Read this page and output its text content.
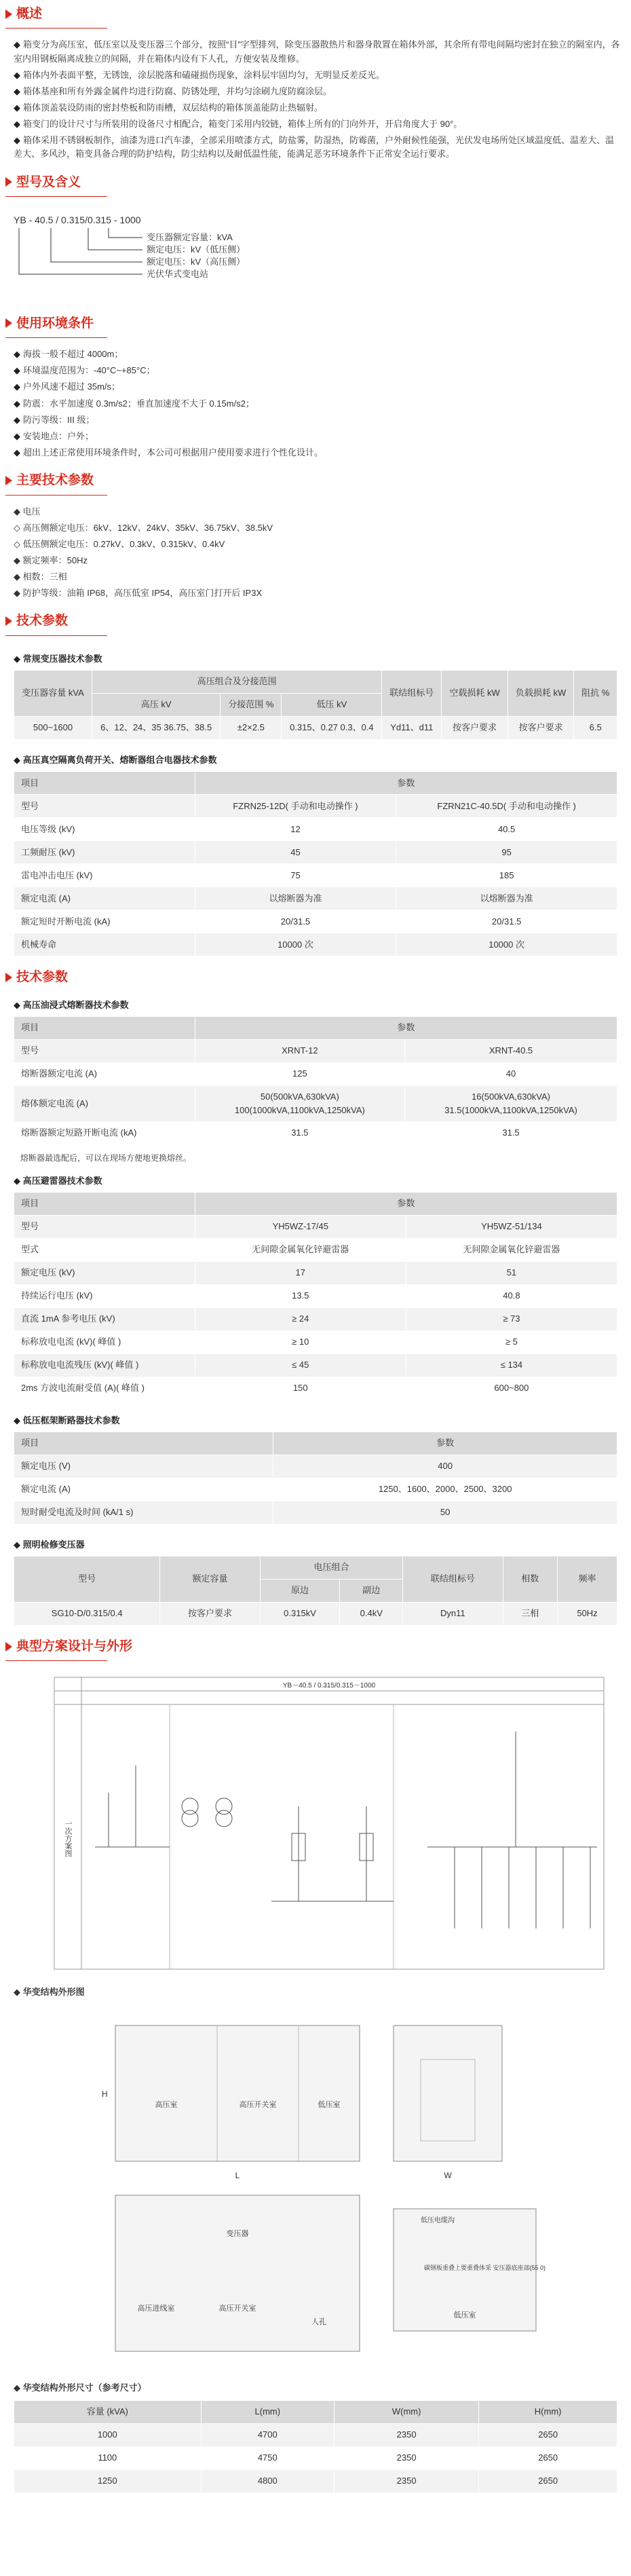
概述
◆ 箱变分为高压室，低压室以及变压器三个部分，按照“目”字型排列，除变压器散热片和器身散置在箱体外部，其余所有带电间隔均密封在独立的隔室内，各室内用钢板隔离成独立的间隔，并在箱体内设有下人孔，方便安装及维修。
◆ 箱体内外表面平整，无锈蚀，涂层脱落和磕碰损伤现象，涂料层牢固均匀，无明显反差反光。
◆ 箱体基座和所有外露金属件均进行防腐、防锈处理，并均匀涂刷九度防腐涂层。
◆ 箱体顶盖装设防雨的密封垫板和防雨槽，双层结构的箱体顶盖能防止热辐射。
◆ 箱变门的设计尺寸与所装用的设备尺寸相配合，箱变门采用内铰链，箱体上所有的门向外开，开启角度大于 90°。
◆ 箱体采用不锈钢板制作，油漆为进口汽车漆，全部采用喷漆方式，防盐雾，防湿热，防霉菌，户外耐候性能强，光伏发电场所处区域温度低、温差大、温差大、多风沙，箱变具备合理的防护结构，防尘结构以及耐低温性能，能满足恶劣环境条件下正常安全运行要求。
型号及含义
YB - 40.5 / 0.315/0.315 - 1000
变压器额定容量：kVA
额定电压：kV（低压侧）
额定电压：kV（高压侧）
光伏华式变电站
使用环境条件
◆ 海拔一般不超过 4000m；
◆ 环境温度范围为：-40°C~+85°C；
◆ 户外风速不超过 35m/s；
◆ 防震：水平加速度 0.3m/s2；垂直加速度不大于 0.15m/s2；
◆ 防污等级：III 级；
◆ 安装地点：户外；
◆ 超出上述正常使用环境条件时，本公司可根据用户使用要求进行个性化设计。
主要技术参数
◆ 电压
◇ 高压侧额定电压：6kV、12kV、24kV、35kV、36.75kV、38.5kV
◇ 低压侧额定电压：0.27kV、0.3kV、0.315kV、0.4kV
◆ 额定频率：50Hz
◆ 相数：三相
◆ 防护等级：油箱 IP68，高压低室 IP54，高压室门打开后 IP3X
技术参数
◆ 常规变压器技术参数
变压器容量 kVA	高压组合及分接范围			联结组标号	空载损耗 kW	负载损耗 kW	阻抗 %
	高压 kV	分接范围 %	低压 kV				
500~1600	6、12、24、35 36.75、38.5	±2×2.5	0.315、0.27 0.3、0.4	Yd11、d11	按客户要求	按客户要求	6.5
◆ 高压真空隔离负荷开关、熔断器组合电器技术参数
项目	参数	
型号	FZRN25-12D( 手动和电动操作 )	FZRN21C-40.5D( 手动和电动操作 )
电压等级 (kV)	12	40.5
工频耐压 (kV)	45	95
雷电冲击电压 (kV)	75	185
额定电流 (A)	以熔断器为准	以熔断器为准
额定短时开断电流 (kA)	20/31.5	20/31.5
机械寿命	10000 次	10000 次
技术参数
◆ 高压油浸式熔断器技术参数
项目	参数	
型号	XRNT-12	XRNT-40.5
熔断器额定电流 (A)	125	40
熔体额定电流 (A)	50(500kVA,630kVA) 100(1000kVA,1100kVA,1250kVA)	16(500kVA,630kVA) 31.5(1000kVA,1100kVA,1250kVA)
熔断器额定短路开断电流 (kA)	31.5	31.5
熔断器最选配后，可以在现场方便地更换熔丝。
◆ 高压避雷器技术参数
项目	参数	
型号	YH5WZ-17/45	YH5WZ-51/134
型式	无间隙金属氧化锌避雷器	无间隙金属氧化锌避雷器
额定电压 (kV)	17	51
持续运行电压 (kV)	13.5	40.8
直流 1mA 参考电压 (kV)	≥ 24	≥ 73
标称放电电流 (kV)( 峰值 )	≥ 10	≥ 5
标称放电电流残压 (kV)( 峰值 )	≤ 45	≤ 134
2ms 方波电流耐受值 (A)( 峰值 )	150	600~800
◆ 低压框架断路器技术参数
项目	参数
额定电压 (V)	400
额定电流 (A)	1250、1600、2000、2500、3200
短时耐受电流及时间 (kA/1 s)	50
◆ 照明检修变压器
型号	额定容量	电压组合		联结组标号	相数	频率
		原边	副边			
SG10-D/0.315/0.4	按客户要求	0.315kV	0.4kV	Dyn11	三相	50Hz
典型方案设计与外形
YB－40.5 / 0.315/0.315－1000
一次方案图
◆ 华变结构外形图
高压室	高压开关室	低压室
L	W
H
高压进线室	高压开关室
变压器
人孔
低压室
低压电缆沟
碳钢板重叠上要重叠体采 安压器底座部(55 0)
◆ 华变结构外形尺寸（参考尺寸）
容量 (kVA)	L(mm)	W(mm)	H(mm)
1000	4700	2350	2650
1100	4750	2350	2650
1250	4800	2350	2650
